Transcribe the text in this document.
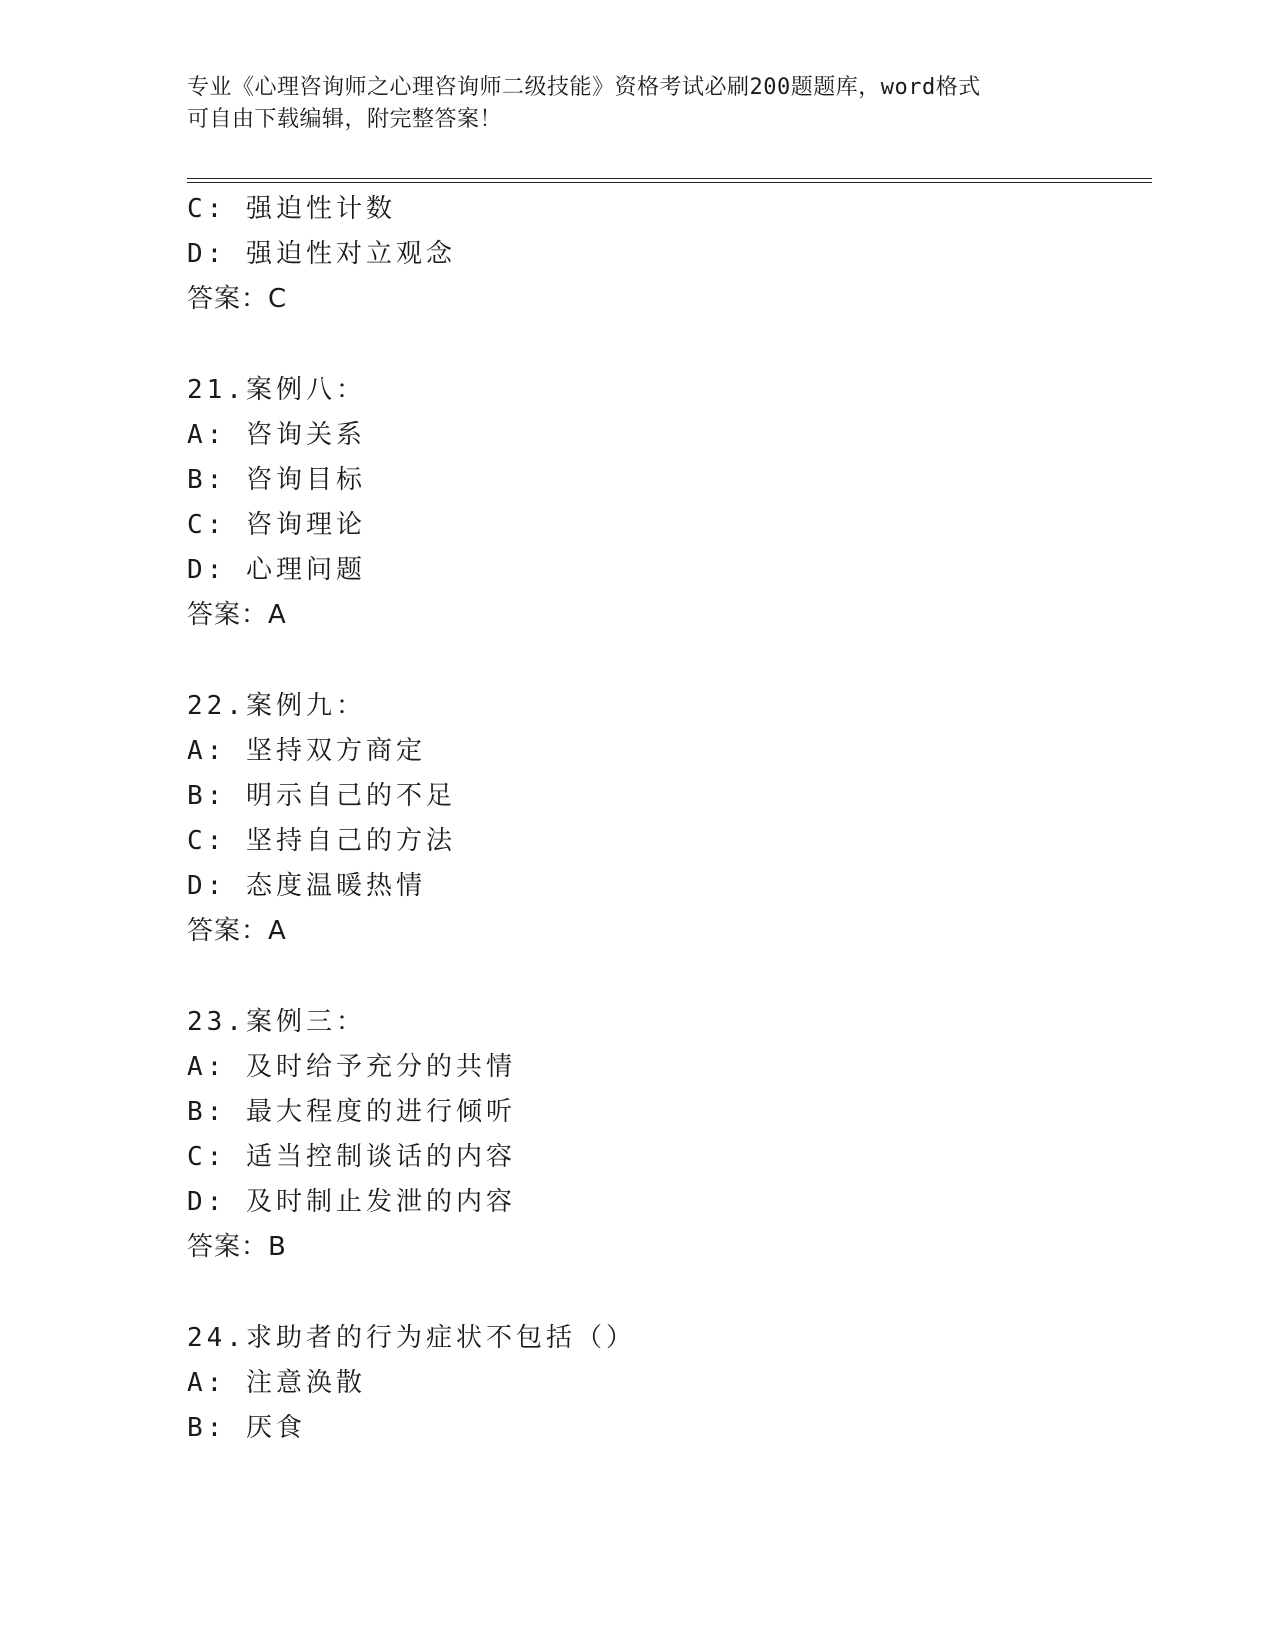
专业《心理咨询师之心理咨询师二级技能》资格考试必刷200题题库，word格式
可自由下载编辑，附完整答案！
C: 强迫性计数
D: 强迫性对立观念
答案：C
21.案例八：
A: 咨询关系
B: 咨询目标
C: 咨询理论
D: 心理问题
答案：A
22.案例九：
A: 坚持双方商定
B: 明示自己的不足
C: 坚持自己的方法
D: 态度温暖热情
答案：A
23.案例三：
A: 及时给予充分的共情
B: 最大程度的进行倾听
C: 适当控制谈话的内容
D: 及时制止发泄的内容
答案：B
24.求助者的行为症状不包括（）
A: 注意涣散
B: 厌食
